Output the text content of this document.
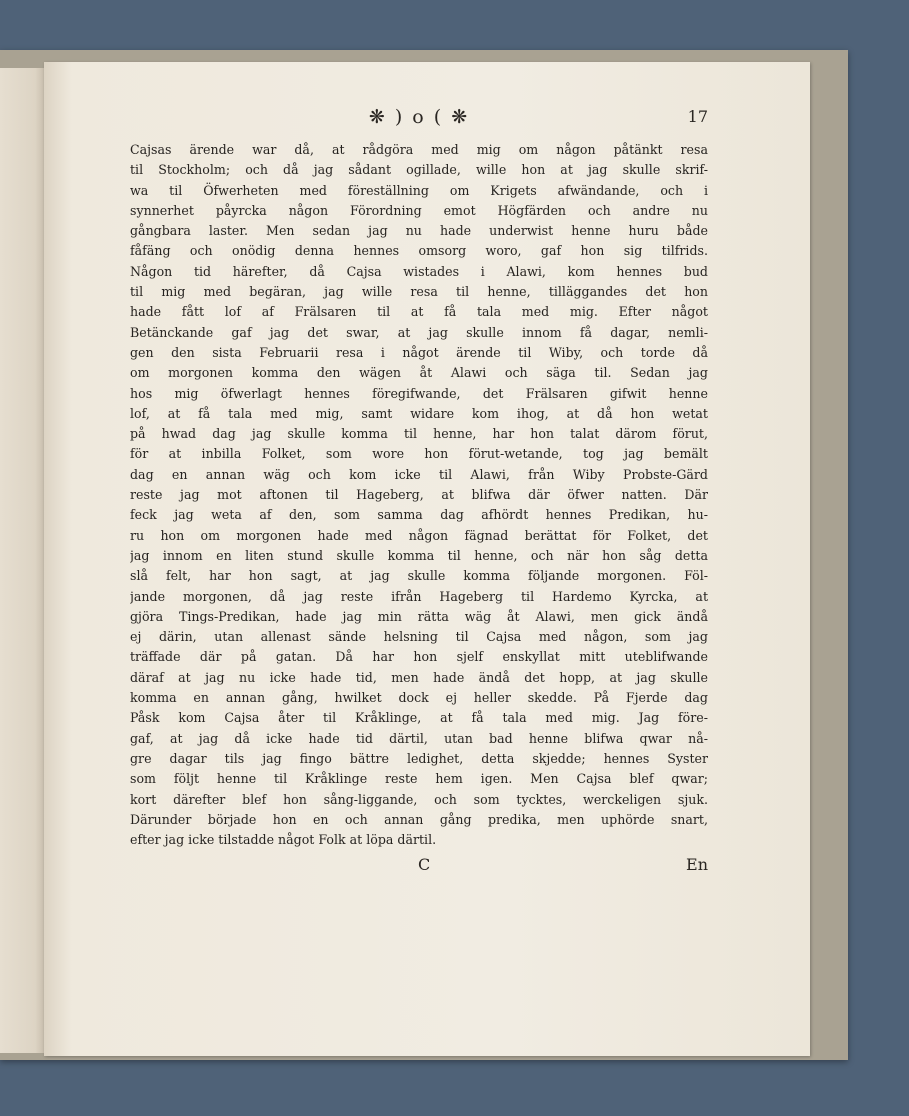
❋ ) o ( ❋	17
Cajsas ärende war då, at rådgöra med mig om någon påtänkt resa
til Stockholm; och då jag sådant ogillade, wille hon at jag skulle skrif-
wa til Öfwerheten med föreställning om Krigets afwändande, och i
synnerhet påyrcka någon Förordning emot Högfärden och andre nu
gångbara laster. Men sedan jag nu hade underwist henne huru både
fåfäng och onödig denna hennes omsorg woro, gaf hon sig tilfrids.
Någon tid härefter, då Cajsa wistades i Alawi, kom hennes bud
til mig med begäran, jag wille resa til henne, tilläggandes det hon
hade fått lof af Frälsaren til at få tala med mig. Efter något
Betänckande gaf jag det swar, at jag skulle innom få dagar, nemli-
gen den sista Februarii resa i något ärende til Wiby, och torde då
om morgonen komma den wägen åt Alawi och säga til. Sedan jag
hos mig öfwerlagt hennes föregifwande, det Frälsaren gifwit henne
lof, at få tala med mig, samt widare kom ihog, at då hon wetat
på hwad dag jag skulle komma til henne, har hon talat därom förut,
för at inbilla Folket, som wore hon förut-wetande, tog jag bemält
dag en annan wäg och kom icke til Alawi, från Wiby Probste-Gärd
reste jag mot aftonen til Hageberg, at blifwa där öfwer natten. Där
feck jag weta af den, som samma dag afhördt hennes Predikan, hu-
ru hon om morgonen hade med någon fägnad berättat för Folket, det
jag innom en liten stund skulle komma til henne, och när hon såg detta
slå felt, har hon sagt, at jag skulle komma följande morgonen. Föl-
jande morgonen, då jag reste ifrån Hageberg til Hardemo Kyrcka, at
gjöra Tings-Predikan, hade jag min rätta wäg åt Alawi, men gick ändå
ej därin, utan allenast sände helsning til Cajsa med någon, som jag
träffade där på gatan. Då har hon sjelf enskyllat mitt uteblifwande
däraf at jag nu icke hade tid, men hade ändå det hopp, at jag skulle
komma en annan gång, hwilket dock ej heller skedde. På Fjerde dag
Påsk kom Cajsa åter til Kråklinge, at få tala med mig. Jag före-
gaf, at jag då icke hade tid därtil, utan bad henne blifwa qwar nå-
gre dagar tils jag fingo bättre ledighet, detta skjedde; hennes Syster
som följt henne til Kråklinge reste hem igen. Men Cajsa blef qwar;
kort därefter blef hon sång-liggande, och som tycktes, werckeligen sjuk.
Därunder började hon en och annan gång predika, men uphörde snart,
efter jag icke tilstadde något Folk at löpa därtil.
C	En
